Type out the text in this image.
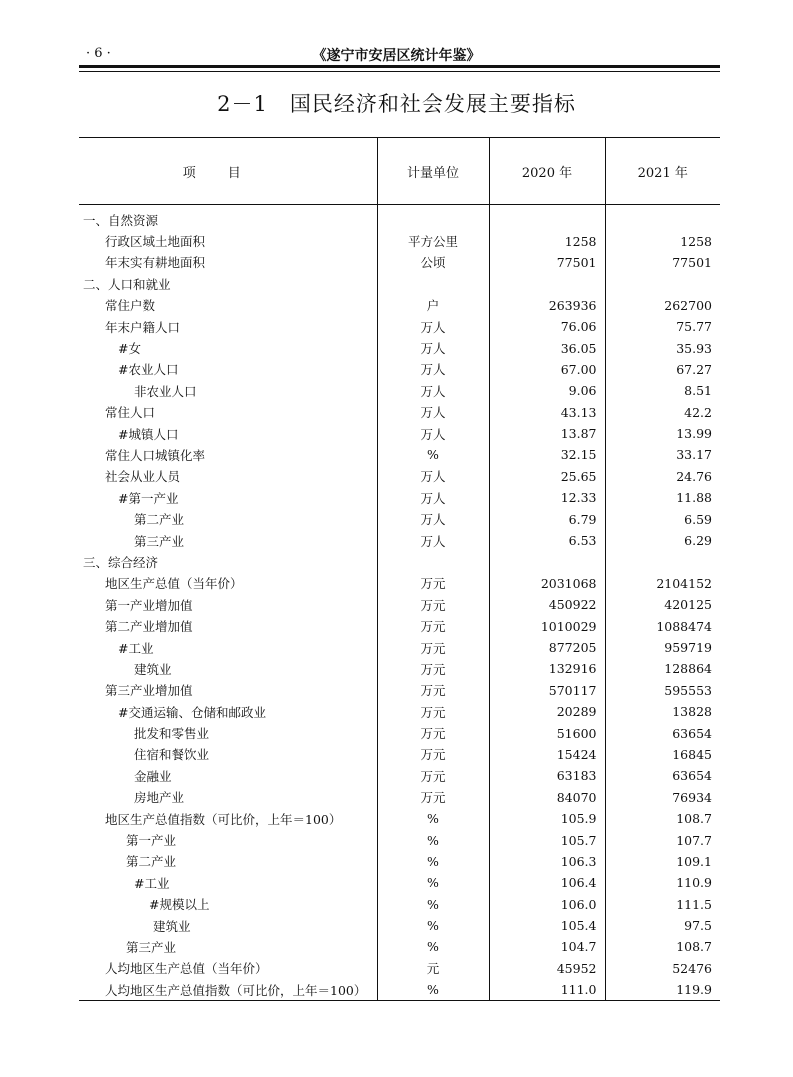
· 6 ·	《遂宁市安居区统计年鉴》
2－1 国民经济和社会发展主要指标
项目	计量单位	2020 年	2021 年
一、自然资源			
行政区域土地面积	平方公里	1258	1258
年末实有耕地面积	公顷	77501	77501
二、人口和就业			
常住户数	户	263936	262700
年末户籍人口	万人	76.06	75.77
#女	万人	36.05	35.93
#农业人口	万人	67.00	67.27
非农业人口	万人	9.06	8.51
常住人口	万人	43.13	42.2
#城镇人口	万人	13.87	13.99
常住人口城镇化率	%	32.15	33.17
社会从业人员	万人	25.65	24.76
#第一产业	万人	12.33	11.88
第二产业	万人	6.79	6.59
第三产业	万人	6.53	6.29
三、综合经济			
地区生产总值（当年价）	万元	2031068	2104152
第一产业增加值	万元	450922	420125
第二产业增加值	万元	1010029	1088474
#工业	万元	877205	959719
建筑业	万元	132916	128864
第三产业增加值	万元	570117	595553
#交通运输、仓储和邮政业	万元	20289	13828
批发和零售业	万元	51600	63654
住宿和餐饮业	万元	15424	16845
金融业	万元	63183	63654
房地产业	万元	84070	76934
地区生产总值指数（可比价，上年＝100）	%	105.9	108.7
第一产业	%	105.7	107.7
第二产业	%	106.3	109.1
#工业	%	106.4	110.9
#规模以上	%	106.0	111.5
建筑业	%	105.4	97.5
第三产业	%	104.7	108.7
人均地区生产总值（当年价）	元	45952	52476
人均地区生产总值指数（可比价，上年＝100）	%	111.0	119.9
